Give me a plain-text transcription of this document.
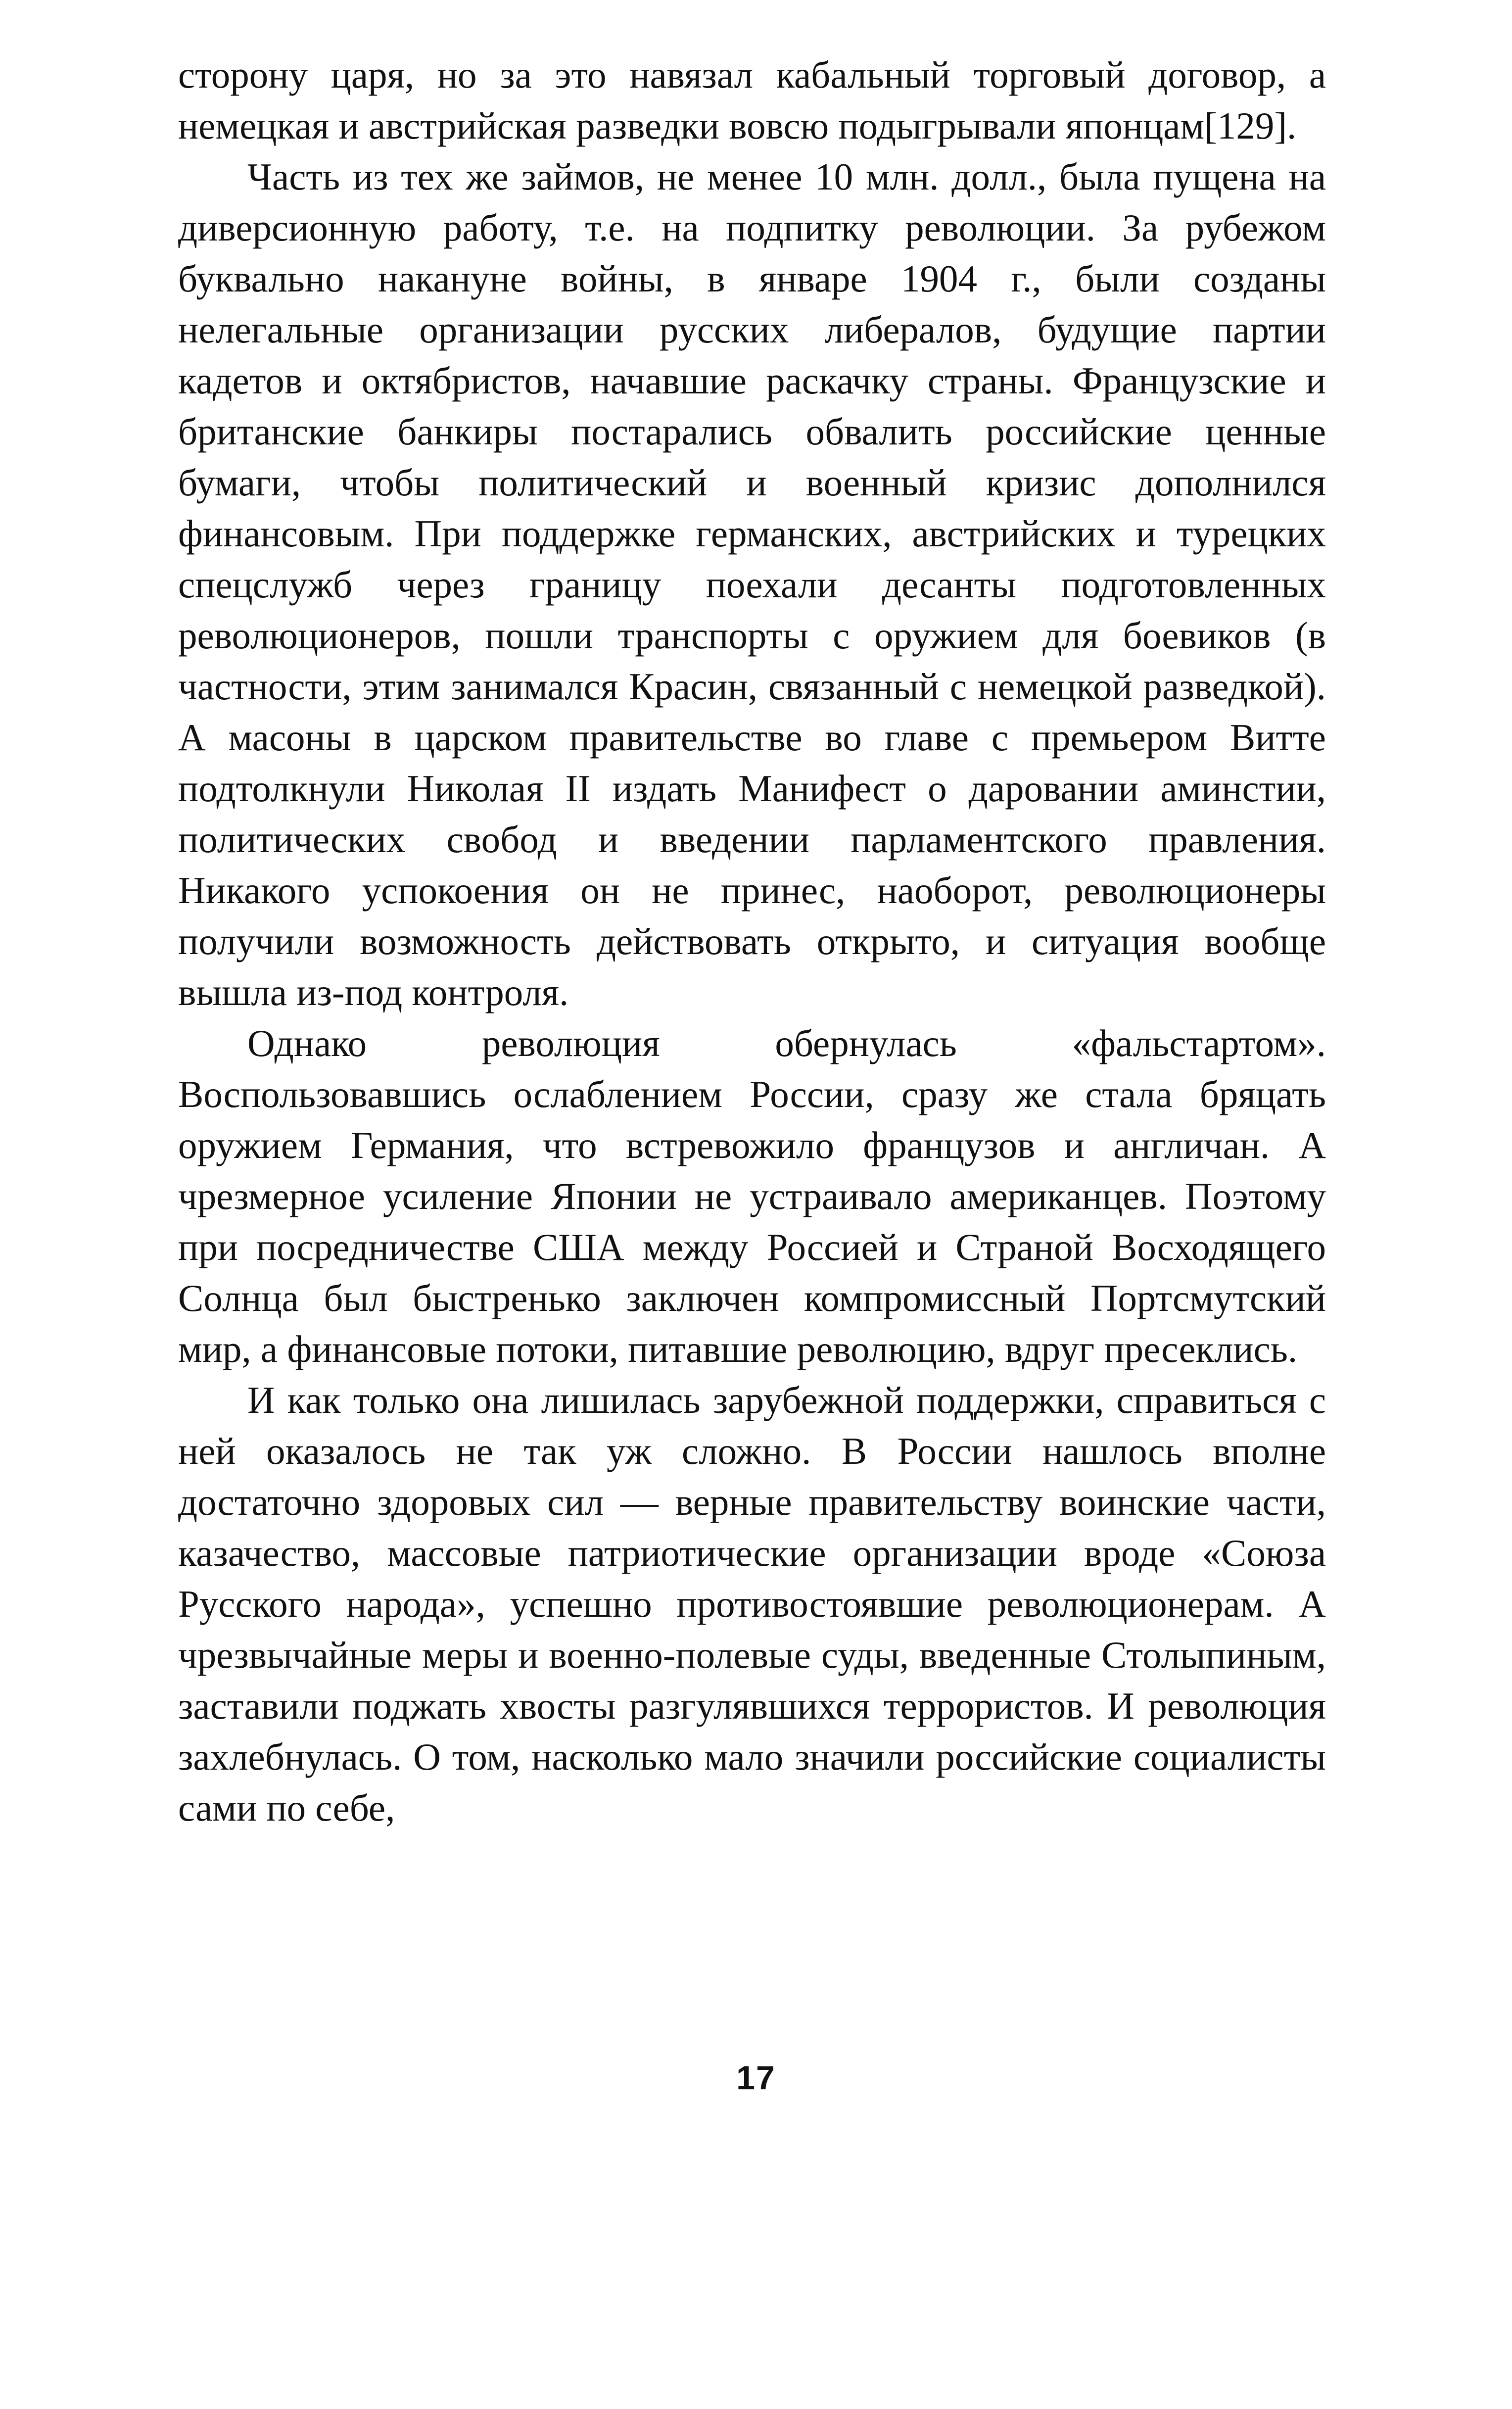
сторону царя, но за это навязал кабальный торговый договор, а немецкая и австрийская разведки вовсю подыгрывали японцам[129].

Часть из тех же займов, не менее 10 млн. долл., была пущена на диверсионную работу, т.е. на подпитку революции. За рубежом буквально накануне войны, в январе 1904 г., были созданы нелегальные организации русских либералов, будущие партии кадетов и октябристов, начавшие раскачку страны. Французские и британские банкиры постарались обвалить российские ценные бумаги, чтобы политический и военный кризис дополнился финансовым. При поддержке германских, австрийских и турецких спецслужб через границу поехали десанты подготовленных революционеров, пошли транспорты с оружием для боевиков (в частности, этим занимался Красин, связанный с немецкой разведкой). А масоны в царском правительстве во главе с премьером Витте подтолкнули Николая II издать Манифест о даровании аминстии, политических свобод и введении парламентского правления. Никакого успокоения он не принес, наоборот, революционеры получили возможность действовать открыто, и ситуация вообще вышла из-под контроля.

Однако революция обернулась «фальстартом». Воспользовавшись ослаблением России, сразу же стала бряцать оружием Германия, что встревожило французов и англичан. А чрезмерное усиление Японии не устраивало американцев. Поэтому при посредничестве США между Россией и Страной Восходящего Солнца был быстренько заключен компромиссный Портсмутский мир, а финансовые потоки, питавшие революцию, вдруг пресеклись.

И как только она лишилась зарубежной поддержки, справиться с ней оказалось не так уж сложно. В России нашлось вполне достаточно здоровых сил — верные правительству воинские части, казачество, массовые патриотические организации вроде «Союза Русского народа», успешно противостоявшие революционерам. А чрезвычайные меры и военно-полевые суды, введенные Столыпиным, заставили поджать хвосты разгулявшихся террористов. И революция захлебнулась. О том, насколько мало значили российские социалисты сами по себе,

17
